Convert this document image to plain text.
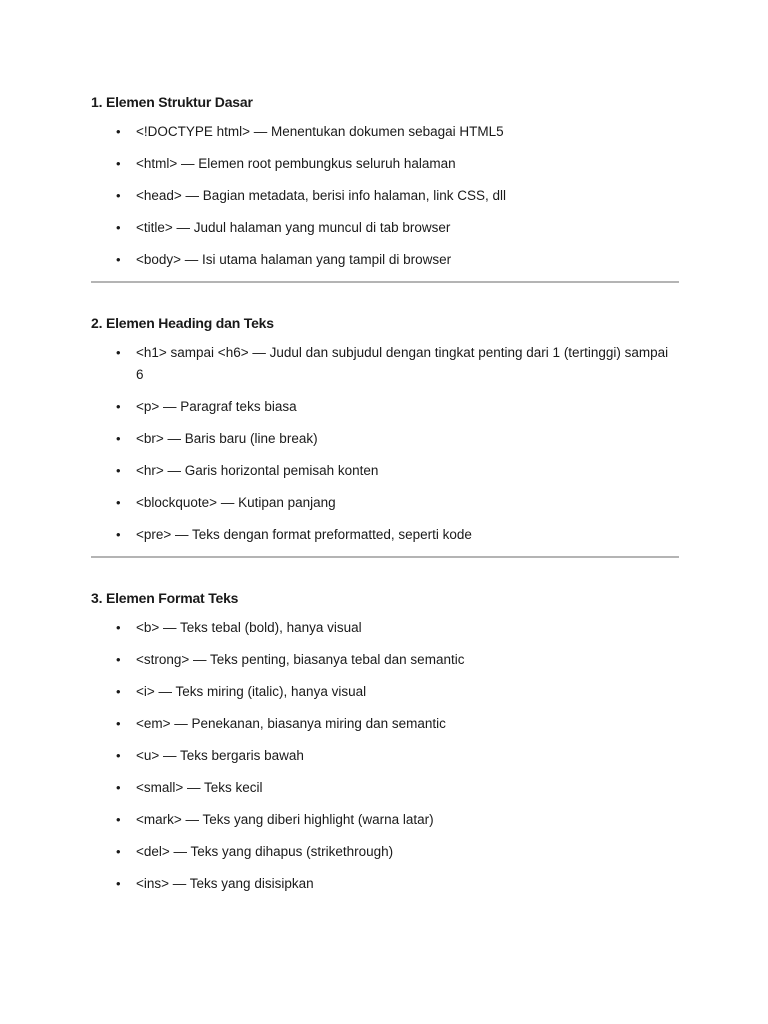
1. Elemen Struktur Dasar
• <!DOCTYPE html> — Menentukan dokumen sebagai HTML5
• <html> — Elemen root pembungkus seluruh halaman
• <head> — Bagian metadata, berisi info halaman, link CSS, dll
• <title> — Judul halaman yang muncul di tab browser
• <body> — Isi utama halaman yang tampil di browser
2. Elemen Heading dan Teks
• <h1> sampai <h6> — Judul dan subjudul dengan tingkat penting dari 1 (tertinggi) sampai 6
• <p> — Paragraf teks biasa
• <br> — Baris baru (line break)
• <hr> — Garis horizontal pemisah konten
• <blockquote> — Kutipan panjang
• <pre> — Teks dengan format preformatted, seperti kode
3. Elemen Format Teks
• <b> — Teks tebal (bold), hanya visual
• <strong> — Teks penting, biasanya tebal dan semantic
• <i> — Teks miring (italic), hanya visual
• <em> — Penekanan, biasanya miring dan semantic
• <u> — Teks bergaris bawah
• <small> — Teks kecil
• <mark> — Teks yang diberi highlight (warna latar)
• <del> — Teks yang dihapus (strikethrough)
• <ins> — Teks yang disisipkan
